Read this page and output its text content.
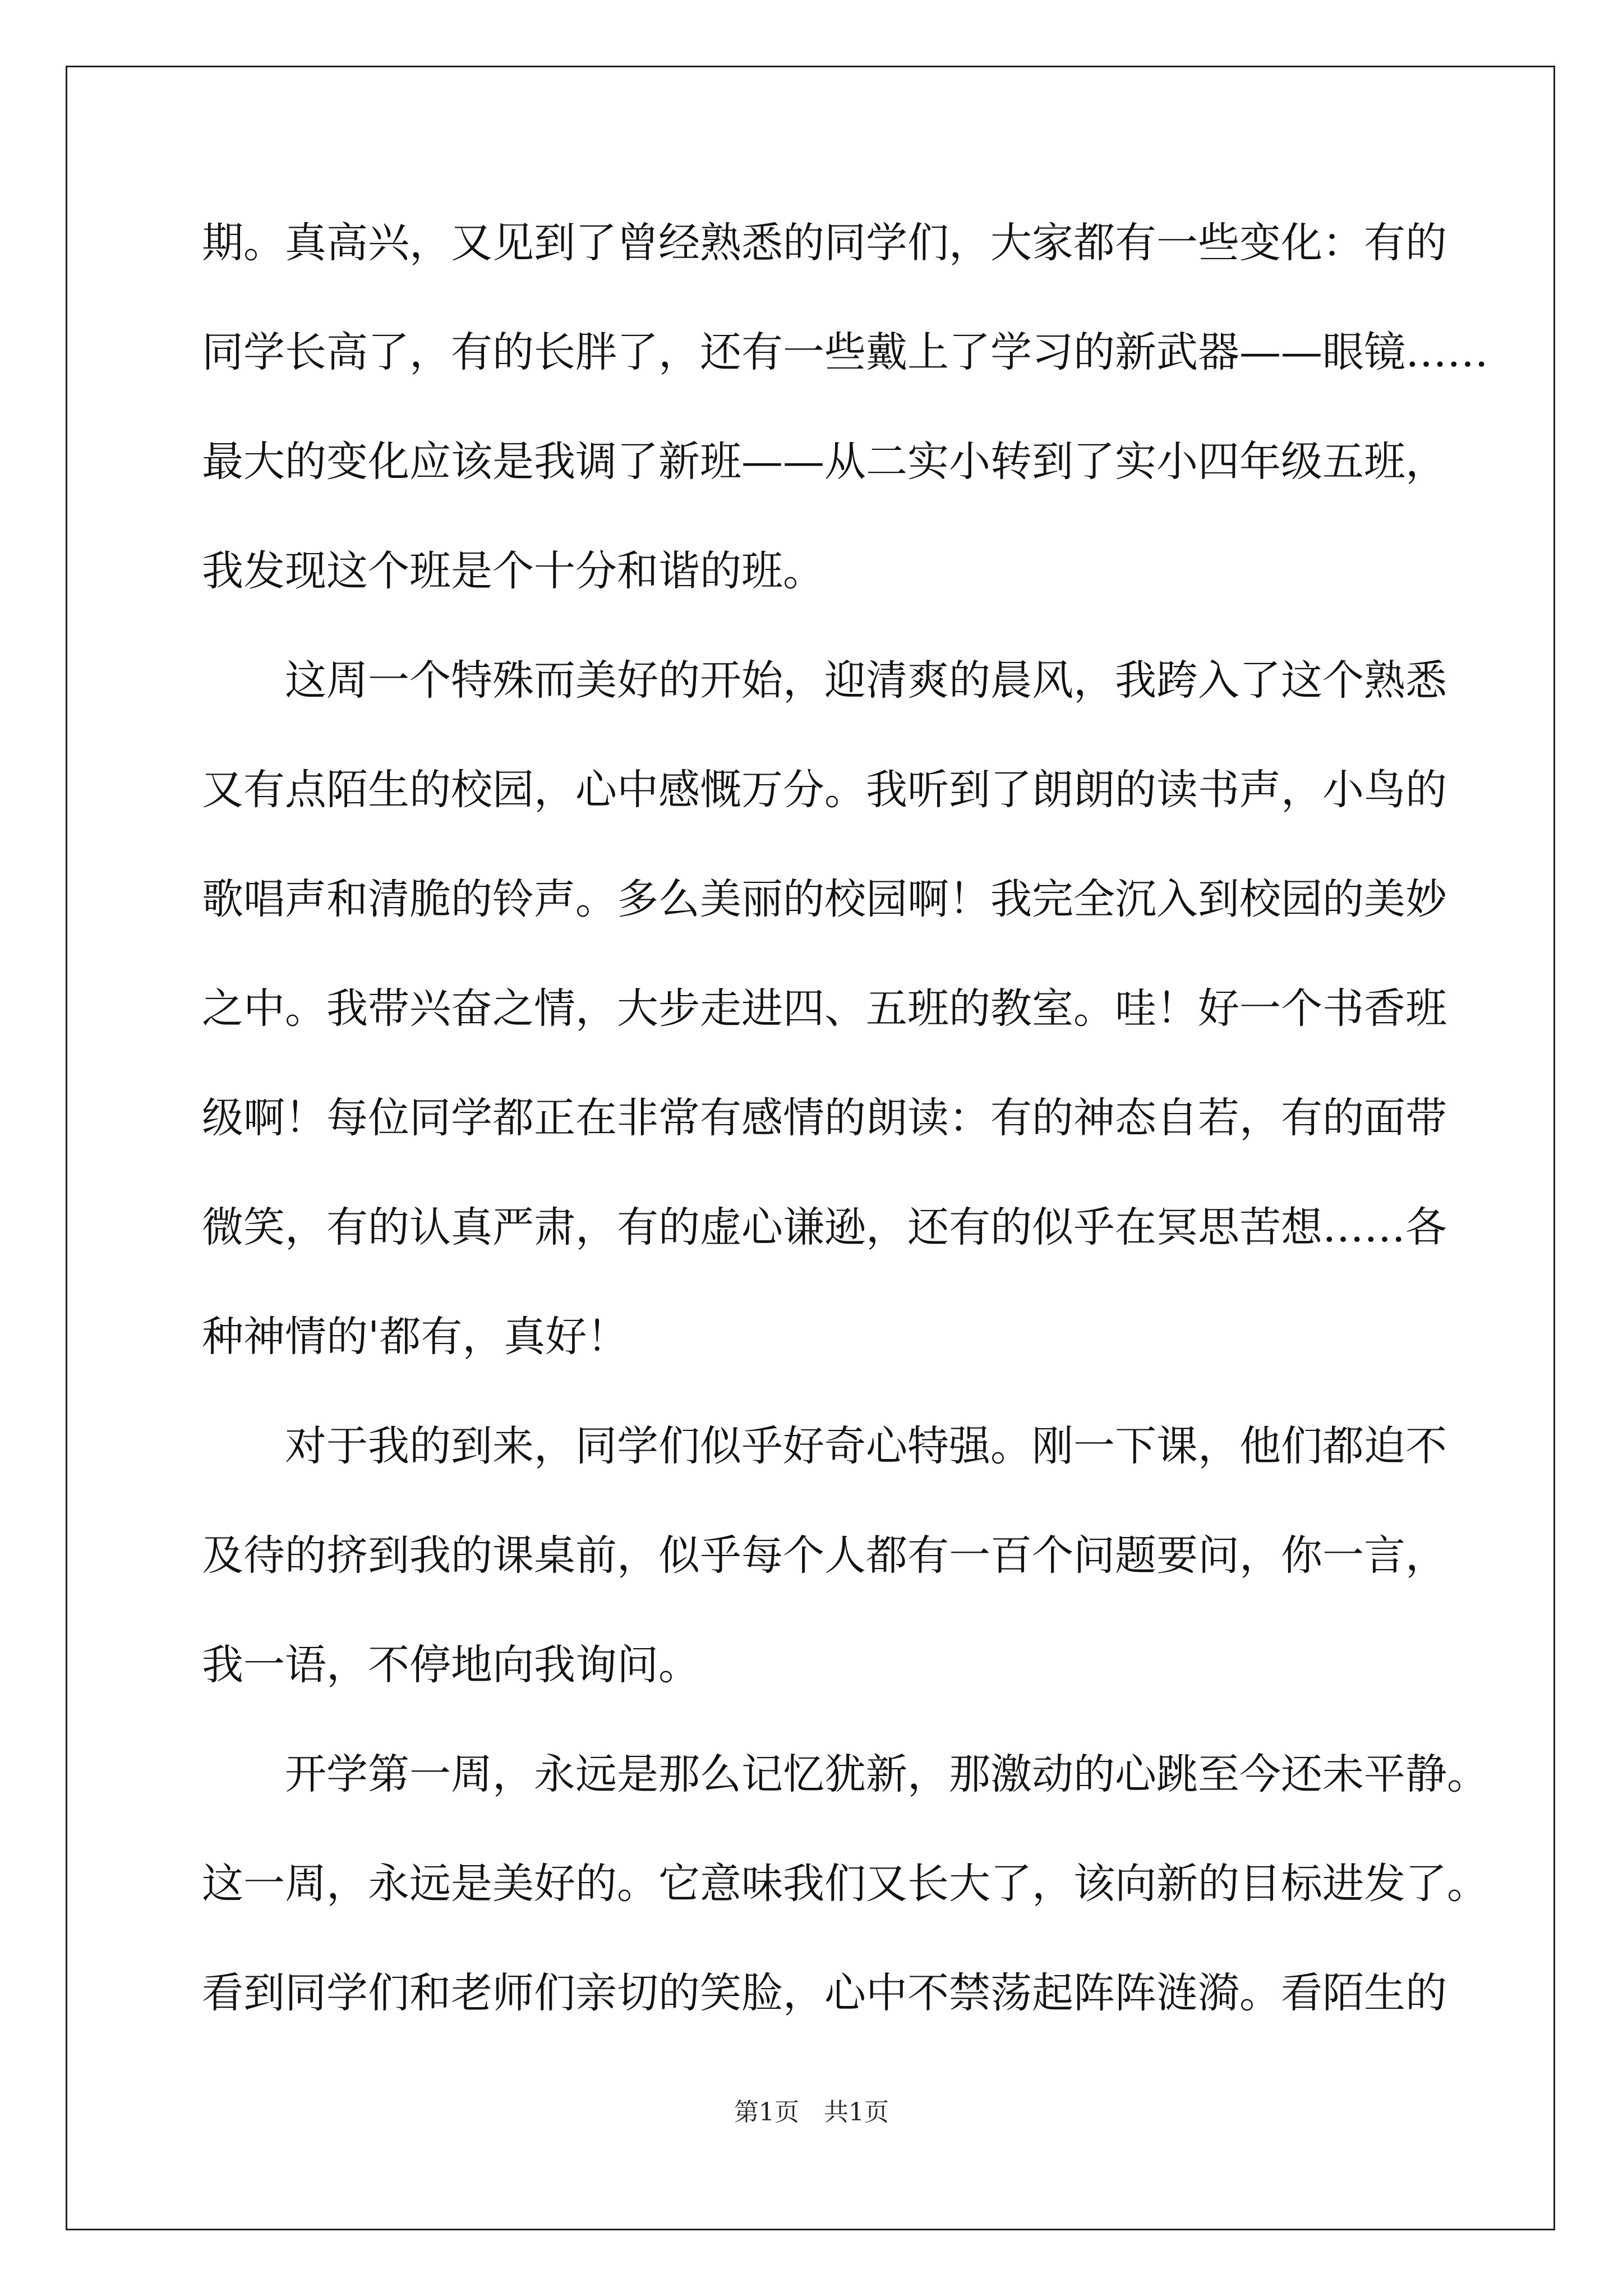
期。真高兴，又见到了曾经熟悉的同学们，大家都有一些变化：有的
同学长高了，有的长胖了，还有一些戴上了学习的新武器——眼镜……
最大的变化应该是我调了新班——从二实小转到了实小四年级五班，
我发现这个班是个十分和谐的班。
　　这周一个特殊而美好的开始，迎清爽的晨风，我跨入了这个熟悉
又有点陌生的校园，心中感慨万分。我听到了朗朗的读书声，小鸟的
歌唱声和清脆的铃声。多么美丽的校园啊！我完全沉入到校园的美妙
之中。我带兴奋之情，大步走进四、五班的教室。哇！好一个书香班
级啊！每位同学都正在非常有感情的朗读：有的神态自若，有的面带
微笑，有的认真严肃，有的虚心谦逊，还有的似乎在冥思苦想……各
种神情的'都有，真好！
　　对于我的到来，同学们似乎好奇心特强。刚一下课，他们都迫不
及待的挤到我的课桌前，似乎每个人都有一百个问题要问，你一言，
我一语，不停地向我询问。
　　开学第一周，永远是那么记忆犹新，那激动的心跳至今还未平静。
这一周，永远是美好的。它意味我们又长大了，该向新的目标进发了。
看到同学们和老师们亲切的笑脸，心中不禁荡起阵阵涟漪。看陌生的
第1页　共1页
